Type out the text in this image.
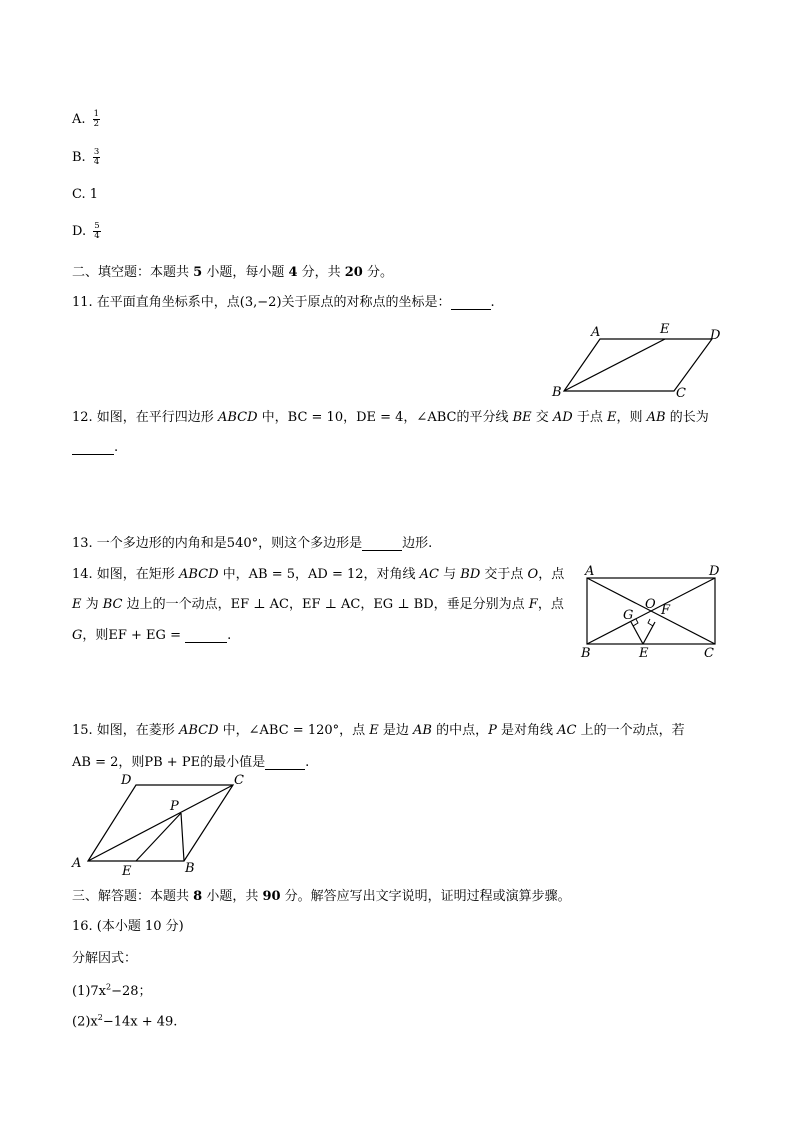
A. $\frac{1}{2}$
B. $\frac{3}{4}$
C. 1
D. $\frac{5}{4}$
二、填空题：本题共 5 小题，每小题 4 分，共 20 分。
11. 在平面直角坐标系中，点(3,−2)关于原点的对称点的坐标是：	.
A	E	D
B	C
12. 如图，在平行四边形 ABCD 中，BC = 10，DE = 4，∠ABC的平分线 BE 交 AD 于点 E，则 AB 的长为
.
13. 一个多边形的内角和是540°，则这个多边形是	边形.
14. 如图，在矩形 ABCD 中，AB = 5，AD = 12，对角线 AC 与 BD 交于点 O，点
E 为 BC 边上的一个动点，EF ⊥ AC，EF ⊥ AC，EG ⊥ BD，垂足分别为点 F，点
G，则EF + EG =	.
A	D
B	C
E
O
G F
15. 如图，在菱形 ABCD 中，∠ABC = 120°，点 E 是边 AB 的中点，P 是对角线 AC 上的一个动点，若
AB = 2，则PB + PE的最小值是	.
D	C
P
A
E	B
三、解答题：本题共 8 小题，共 90 分。解答应写出文字说明，证明过程或演算步骤。
16. (本小题 10 分)
分解因式：
$(1)7x^2-28$；
$(2)x^2-14x + 49$.
